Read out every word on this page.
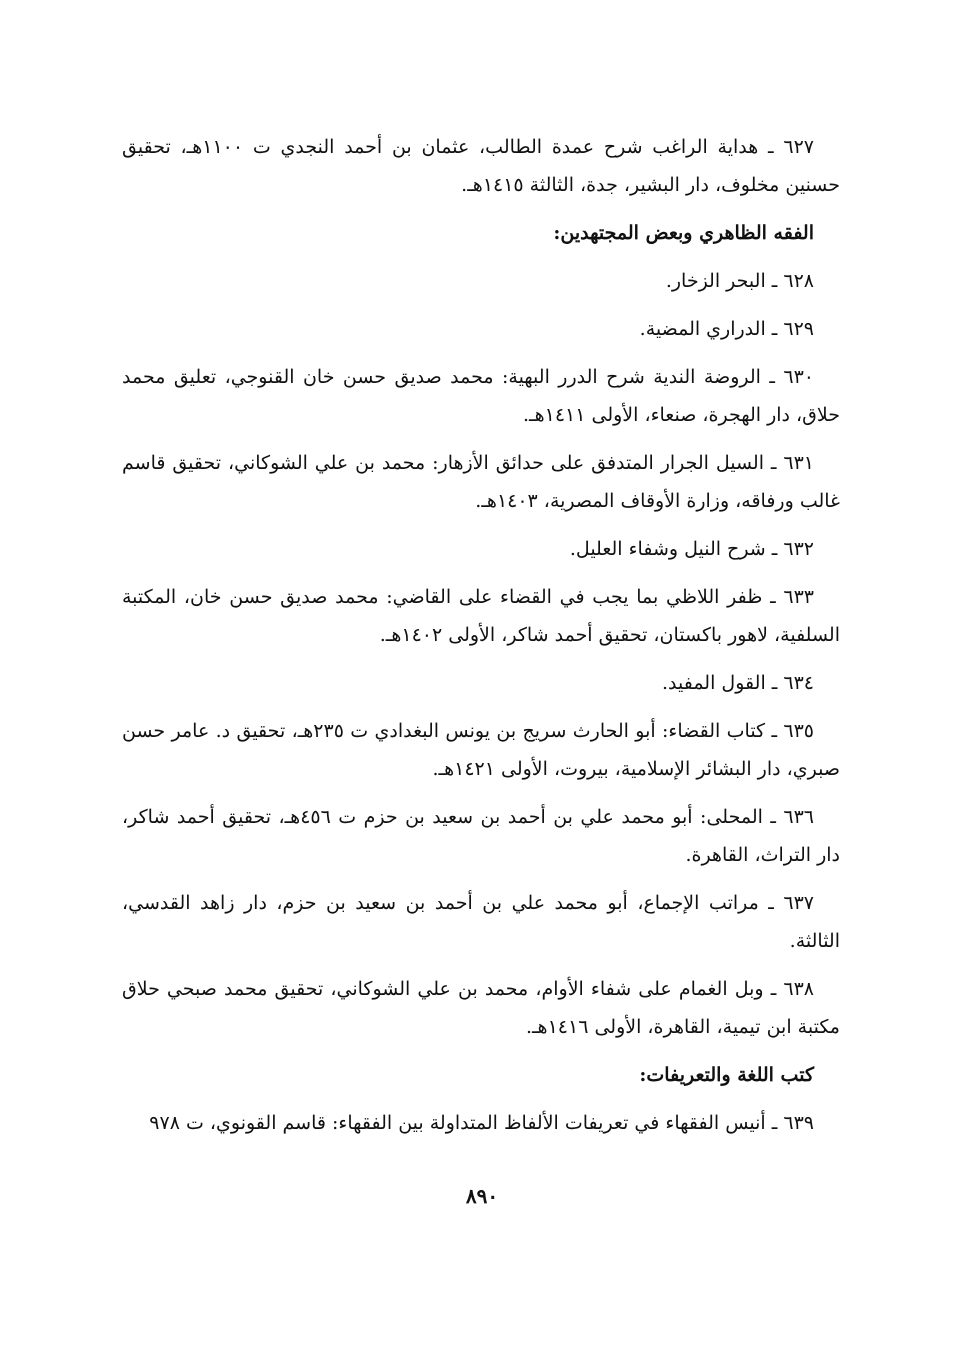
٦٢٧ ـ هداية الراغب شرح عمدة الطالب، عثمان بن أحمد النجدي ت ١١٠٠هـ، تحقيق حسنين مخلوف، دار البشير، جدة، الثالثة ١٤١٥هـ.

الفقه الظاهري وبعض المجتهدين:

٦٢٨ ـ البحر الزخار.

٦٢٩ ـ الدراري المضية.

٦٣٠ ـ الروضة الندية شرح الدرر البهية: محمد صديق حسن خان القنوجي، تعليق محمد حلاق، دار الهجرة، صنعاء، الأولى ١٤١١هـ.

٦٣١ ـ السيل الجرار المتدفق على حدائق الأزهار: محمد بن علي الشوكاني، تحقيق قاسم غالب ورفاقه، وزارة الأوقاف المصرية، ١٤٠٣هـ.

٦٣٢ ـ شرح النيل وشفاء العليل.

٦٣٣ ـ ظفر اللاظي بما يجب في القضاء على القاضي: محمد صديق حسن خان، المكتبة السلفية، لاهور باكستان، تحقيق أحمد شاكر، الأولى ١٤٠٢هـ.

٦٣٤ ـ القول المفيد.

٦٣٥ ـ كتاب القضاء: أبو الحارث سريج بن يونس البغدادي ت ٢٣٥هـ، تحقيق د. عامر حسن صبري، دار البشائر الإسلامية، بيروت، الأولى ١٤٢١هـ.

٦٣٦ ـ المحلى: أبو محمد علي بن أحمد بن سعيد بن حزم ت ٤٥٦هـ، تحقيق أحمد شاكر، دار التراث، القاهرة.

٦٣٧ ـ مراتب الإجماع، أبو محمد علي بن أحمد بن سعيد بن حزم، دار زاهد القدسي، الثالثة.

٦٣٨ ـ وبل الغمام على شفاء الأوام، محمد بن علي الشوكاني، تحقيق محمد صبحي حلاق مكتبة ابن تيمية، القاهرة، الأولى ١٤١٦هـ.

كتب اللغة والتعريفات:

٦٣٩ ـ أنيس الفقهاء في تعريفات الألفاظ المتداولة بين الفقهاء: قاسم القونوي، ت ٩٧٨

٨٩٠
